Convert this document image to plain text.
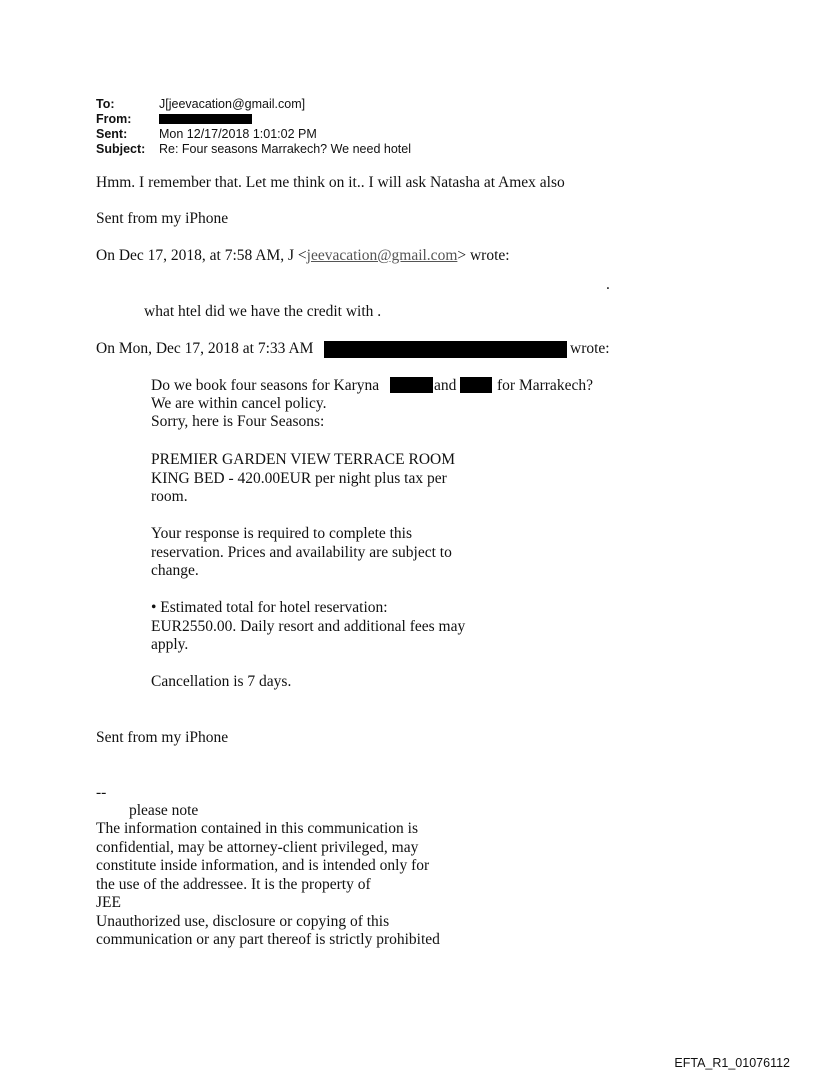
To:	J[jeevacation@gmail.com]
From:
Sent:	Mon 12/17/2018 1:01:02 PM
Subject: Re: Four seasons Marrakech? We need hotel
Hmm. I remember that. Let me think on it.. I will ask Natasha at Amex also
Sent from my iPhone
On Dec 17, 2018, at 7:58 AM, J <jeevacation@gmail.com> wrote:
.
what htel did we have the credit with .
On Mon, Dec 17, 2018 at 7:33 AM	wrote:
Do we book four seasons for Karyna	and	for Marrakech?
We are within cancel policy.
Sorry, here is Four Seasons:
PREMIER GARDEN VIEW TERRACE ROOM
KING BED - 420.00EUR per night plus tax per
room.
Your response is required to complete this
reservation. Prices and availability are subject to
change.
• Estimated total for hotel reservation:
EUR2550.00. Daily resort and additional fees may
apply.
Cancellation is 7 days.
Sent from my iPhone
--
please note
The information contained in this communication is
confidential, may be attorney-client privileged, may
constitute inside information, and is intended only for
the use of the addressee. It is the property of
JEE
Unauthorized use, disclosure or copying of this
communication or any part thereof is strictly prohibited
EFTA_R1_01076112
